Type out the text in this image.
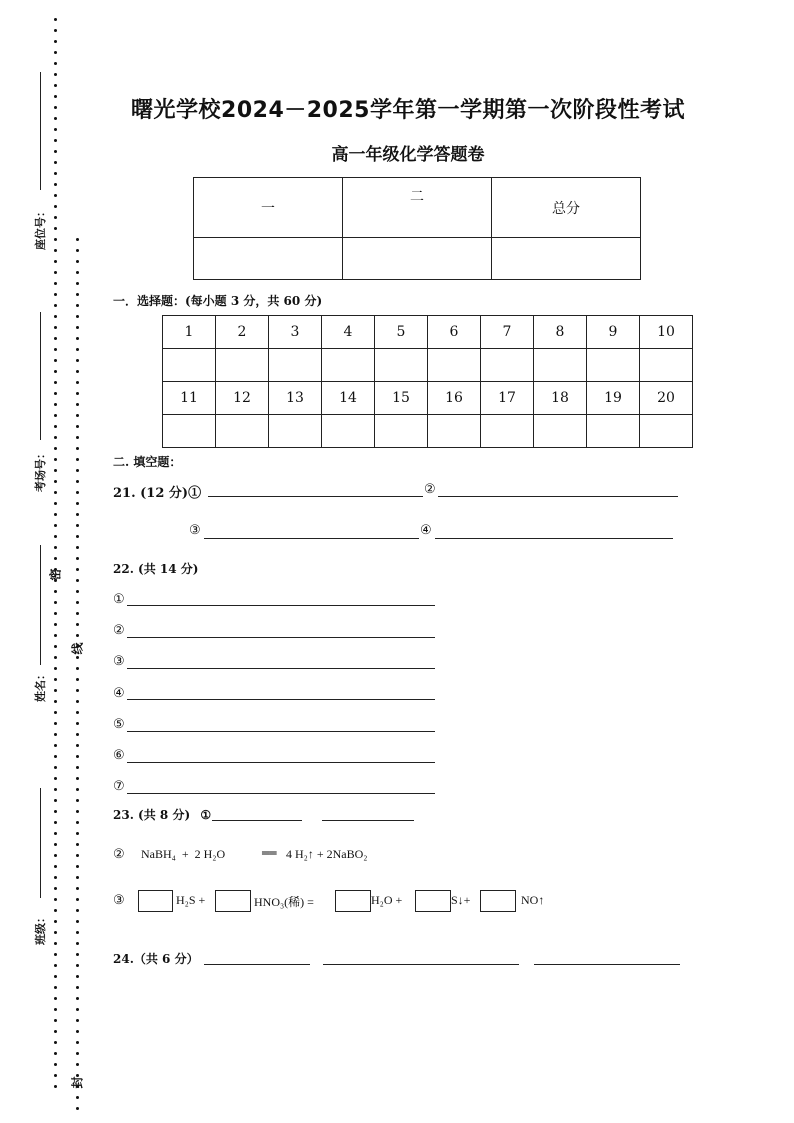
座位号：
考场号：
姓名：
班级：
密
线
封
曙光学校2024－2025学年第一学期第一次阶段性考试
高一年级化学答题卷
一	二	总分

一．选择题：(每小题 3 分，共 60 分)
1	2	3	4	5	6	7	8	9	10

11	12	13	14	15	16	17	18	19	20

二. 填空题：
21. (12 分)①	②
③	④
22. (共 14 分)
①
②
③
④
⑤
⑥
⑦
23. (共 8 分) ①
② NaBH₄  +  2 H₂O	══ 4 H₂↑ + 2NaBO₂
③	H₂S +	HNO₃(稀) =	H₂O +	S↓+	NO↑
24.（共 6 分）
